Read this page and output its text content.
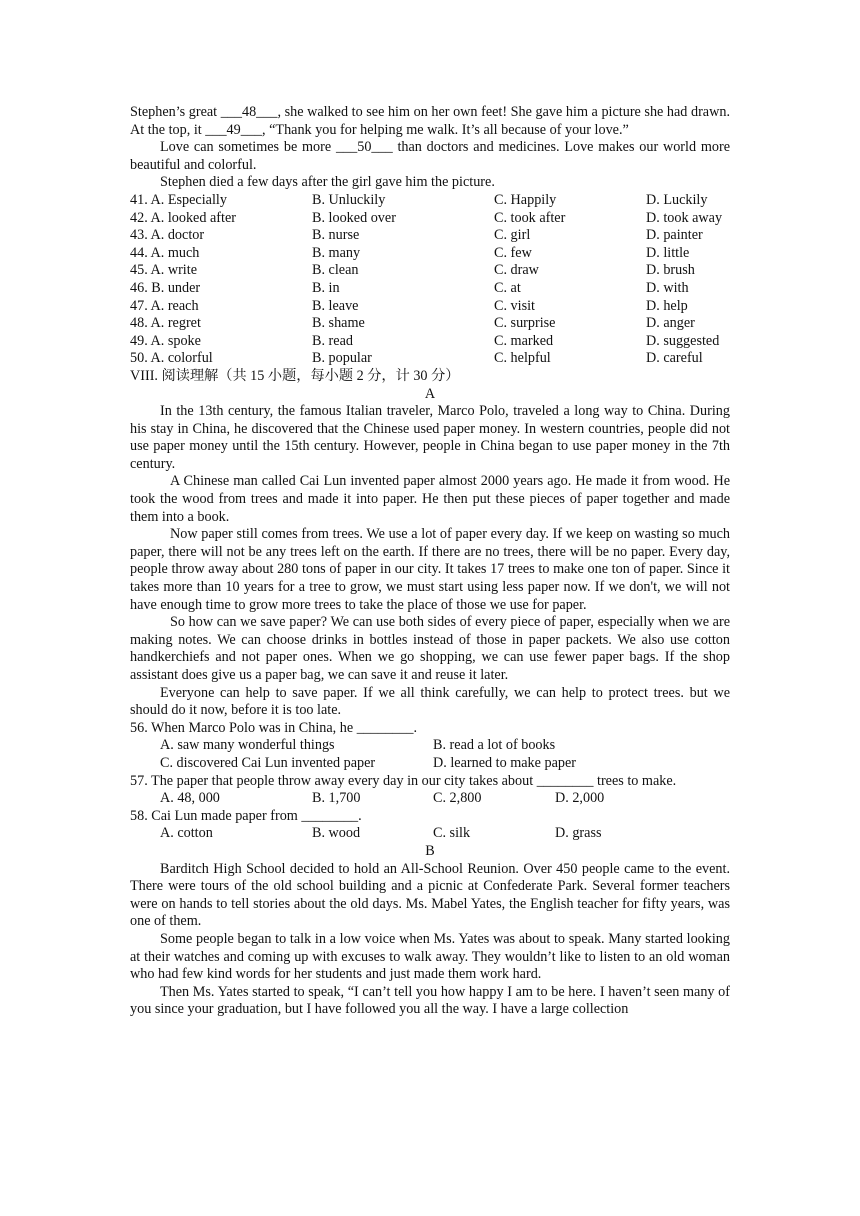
Stephen’s great ___48___, she walked to see him on her own feet! She gave him a picture she had drawn. At the top, it ___49___, “Thank you for helping me walk. It’s all because of your love.”

Love can sometimes be more ___50___ than doctors and medicines. Love makes our world more beautiful and colorful.

Stephen died a few days after the girl gave him the picture.

41. A. Especially	B. Unluckily	C. Happily	D. Luckily
42. A. looked after	B. looked over	C. took after	D. took away
43. A. doctor	B. nurse	C. girl	D. painter
44. A. much	B. many	C. few	D. little
45. A. write	B. clean	C. draw	D. brush
46. B. under	B. in	C. at	D. with
47. A. reach	B. leave	C. visit	D. help
48. A. regret	B. shame	C. surprise	D. anger
49. A. spoke	B. read	C. marked	D. suggested
50. A. colorful	B. popular	C. helpful	D. careful

VIII. 阅读理解（共 15 小题，每小题 2 分，计 30 分）

A

In the 13th century, the famous Italian traveler, Marco Polo, traveled a long way to China. During his stay in China, he discovered that the Chinese used paper money. In western countries, people did not use paper money until the 15th century. However, people in China began to use paper money in the 7th century.

A Chinese man called Cai Lun invented paper almost 2000 years ago. He made it from wood. He took the wood from trees and made it into paper. He then put these pieces of paper together and made them into a book.

Now paper still comes from trees. We use a lot of paper every day. If we keep on wasting so much paper, there will not be any trees left on the earth. If there are no trees, there will be no paper. Every day, people throw away about 280 tons of paper in our city. It takes 17 trees to make one ton of paper. Since it takes more than 10 years for a tree to grow, we must start using less paper now. If we don't, we will not have enough time to grow more trees to take the place of those we use for paper.

So how can we save paper? We can use both sides of every piece of paper, especially when we are making notes. We can choose drinks in bottles instead of those in paper packets. We also use cotton handkerchiefs and not paper ones. When we go shopping, we can use fewer paper bags. If the shop assistant does give us a paper bag, we can save it and reuse it later.

Everyone can help to save paper. If we all think carefully, we can help to protect trees. but we should do it now, before it is too late.

56. When Marco Polo was in China, he ________.

A. saw many wonderful things	B. read a lot of books
C. discovered Cai Lun invented paper	D. learned to make paper

57. The paper that people throw away every day in our city takes about ________ trees to make.

A. 48, 000	B. 1,700	C. 2,800	D. 2,000

58. Cai Lun made paper from ________.

A. cotton	B. wood	C. silk	D. grass

B

Barditch High School decided to hold an All-School Reunion. Over 450 people came to the event. There were tours of the old school building and a picnic at Confederate Park. Several former teachers were on hands to tell stories about the old days. Ms. Mabel Yates, the English teacher for fifty years, was one of them.

Some people began to talk in a low voice when Ms. Yates was about to speak. Many started looking at their watches and coming up with excuses to walk away. They wouldn’t like to listen to an old woman who had few kind words for her students and just made them work hard.

Then Ms. Yates started to speak, “I can’t tell you how happy I am to be here. I haven’t seen many of you since your graduation, but I have followed you all the way. I have a large collection
